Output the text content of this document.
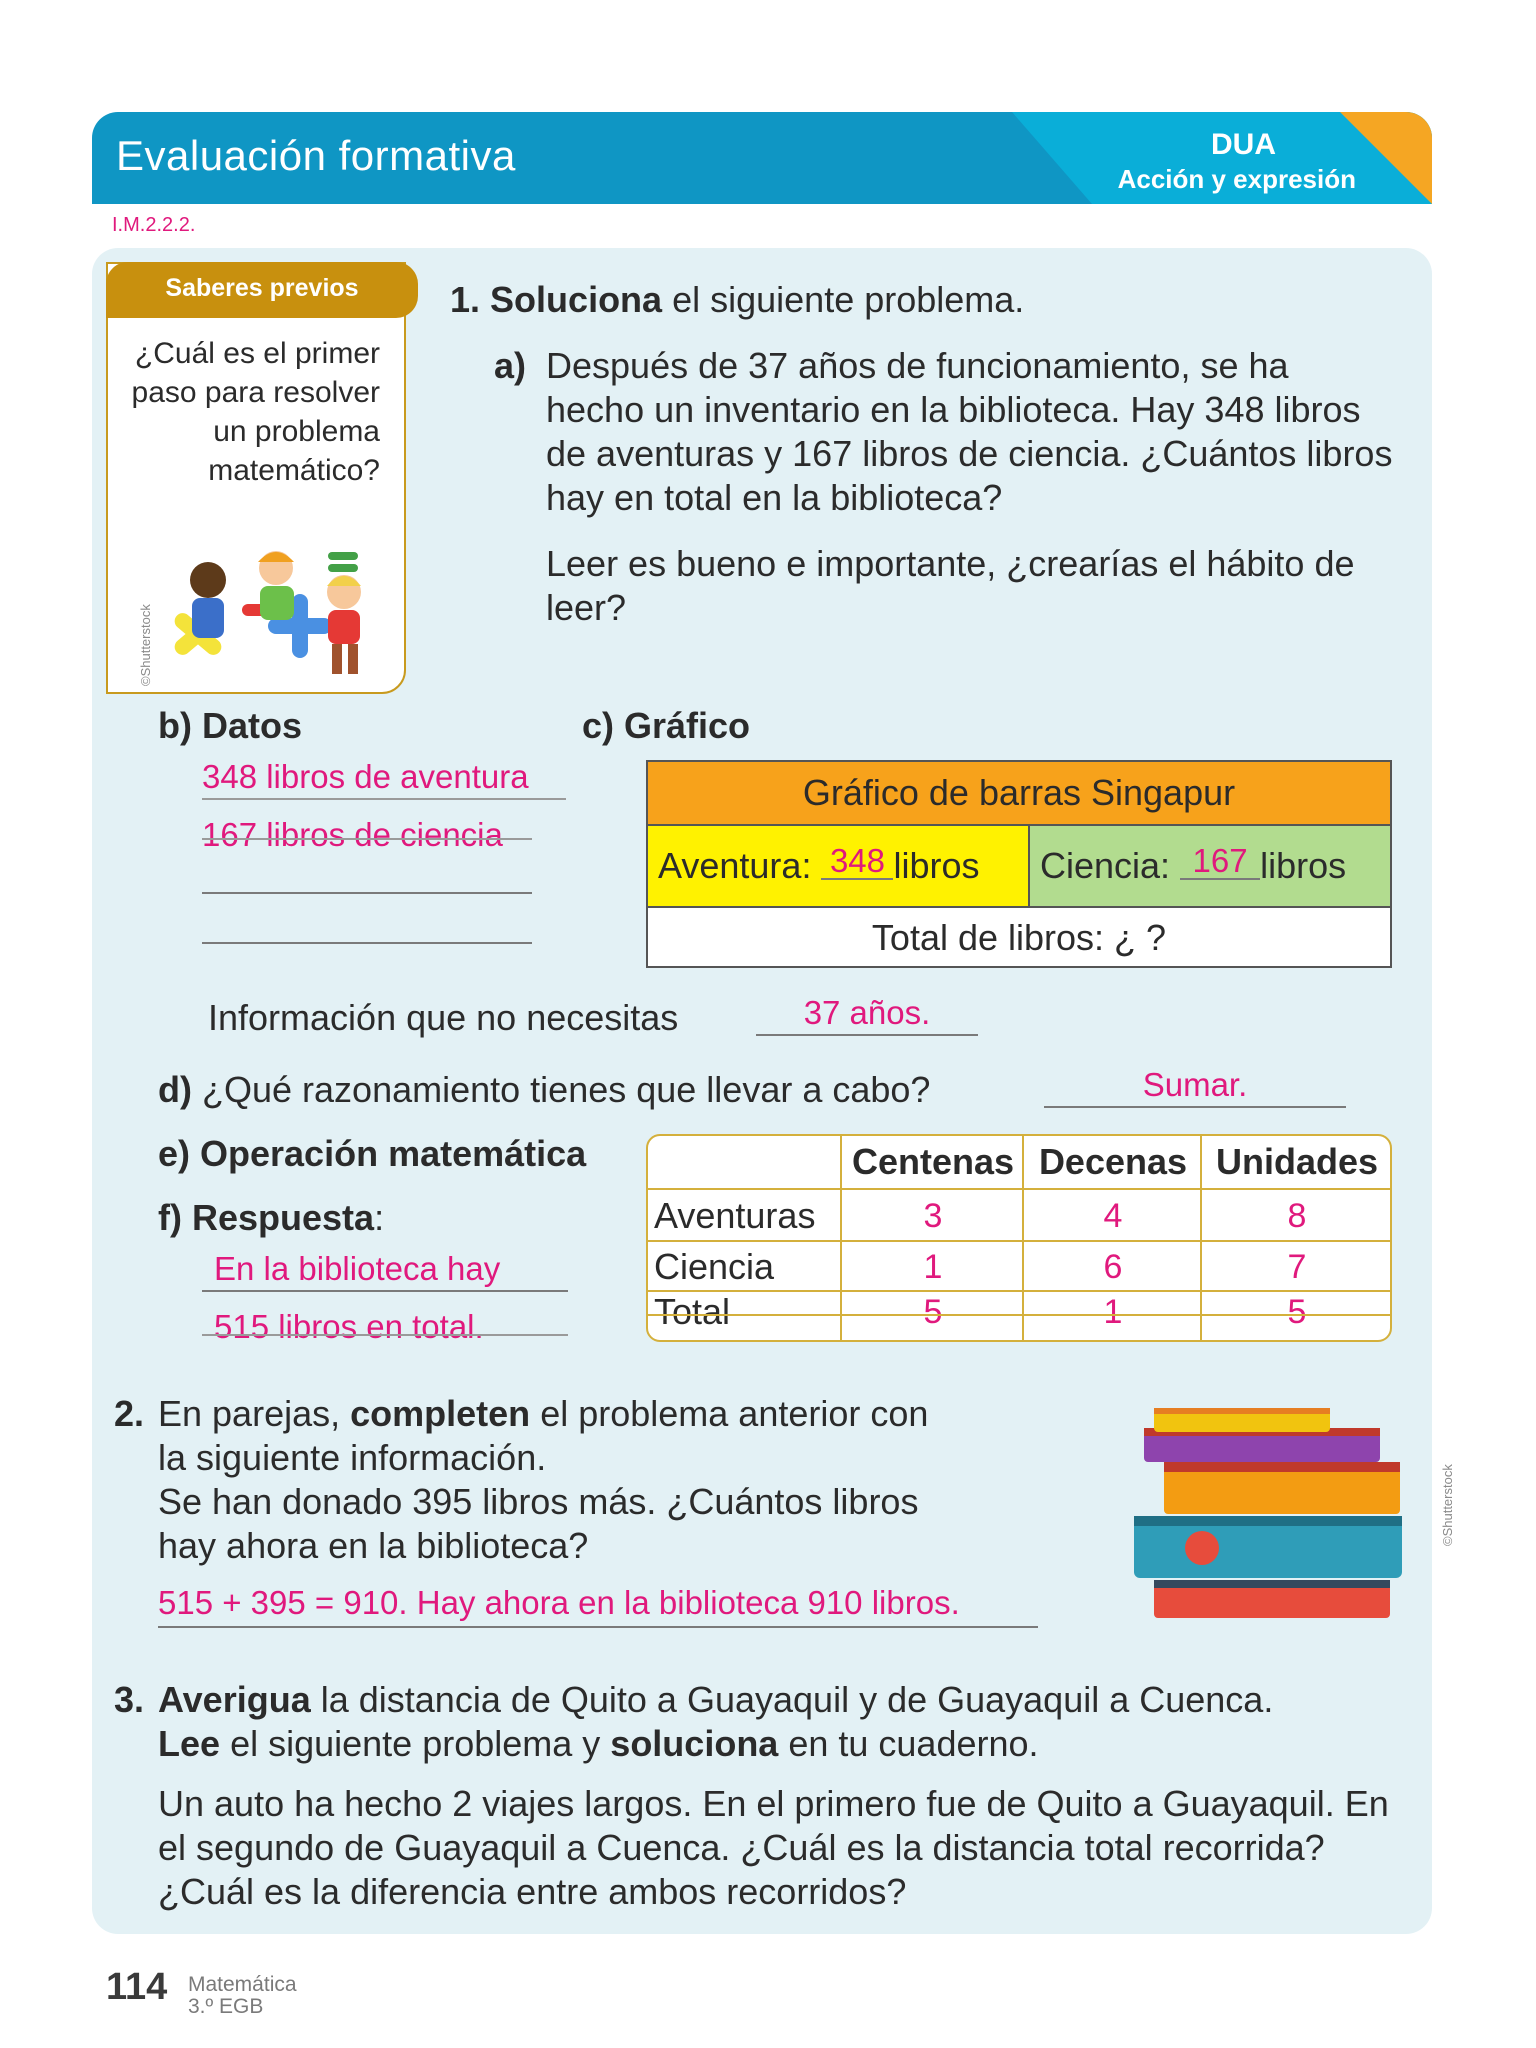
Evaluación formativa	DUA
Acción y expresión
I.M.2.2.2.
Saberes previos
¿Cuál es el primer paso para resolver un problema matemático?
©Shutterstock
1. Soluciona el siguiente problema.
a) Después de 37 años de funcionamiento, se ha hecho un inventario en la biblioteca. Hay 348 libros de aventuras y 167 libros de ciencia. ¿Cuántos libros hay en total en la biblioteca?
Leer es bueno e importante, ¿crearías el hábito de leer?
b) Datos
348 libros de aventura
167 libros de ciencia
c) Gráfico
Gráfico de barras Singapur
Aventura: 348 libros Ciencia: 167 libros
Total de libros: ¿ ?
Información que no necesitas	37 años.
d) ¿Qué razonamiento tienes que llevar a cabo?	Sumar.
e) Operación matemática
f) Respuesta:
En la biblioteca hay
515 libros en total.
Centenas Decenas Unidades
Aventuras	3	4	8
Ciencia	1	6	7
Total	5	1	5
2. En parejas, completen el problema anterior con
la siguiente información.
Se han donado 395 libros más. ¿Cuántos libros
hay ahora en la biblioteca?
515 + 395 = 910. Hay ahora en la biblioteca 910 libros.
©Shutterstock
3. Averigua la distancia de Quito a Guayaquil y de Guayaquil a Cuenca.
Lee el siguiente problema y soluciona en tu cuaderno.
Un auto ha hecho 2 viajes largos. En el primero fue de Quito a Guayaquil. En el segundo de Guayaquil a Cuenca. ¿Cuál es la distancia total recorrida? ¿Cuál es la diferencia entre ambos recorridos?
114 Matemática
3.º EGB
